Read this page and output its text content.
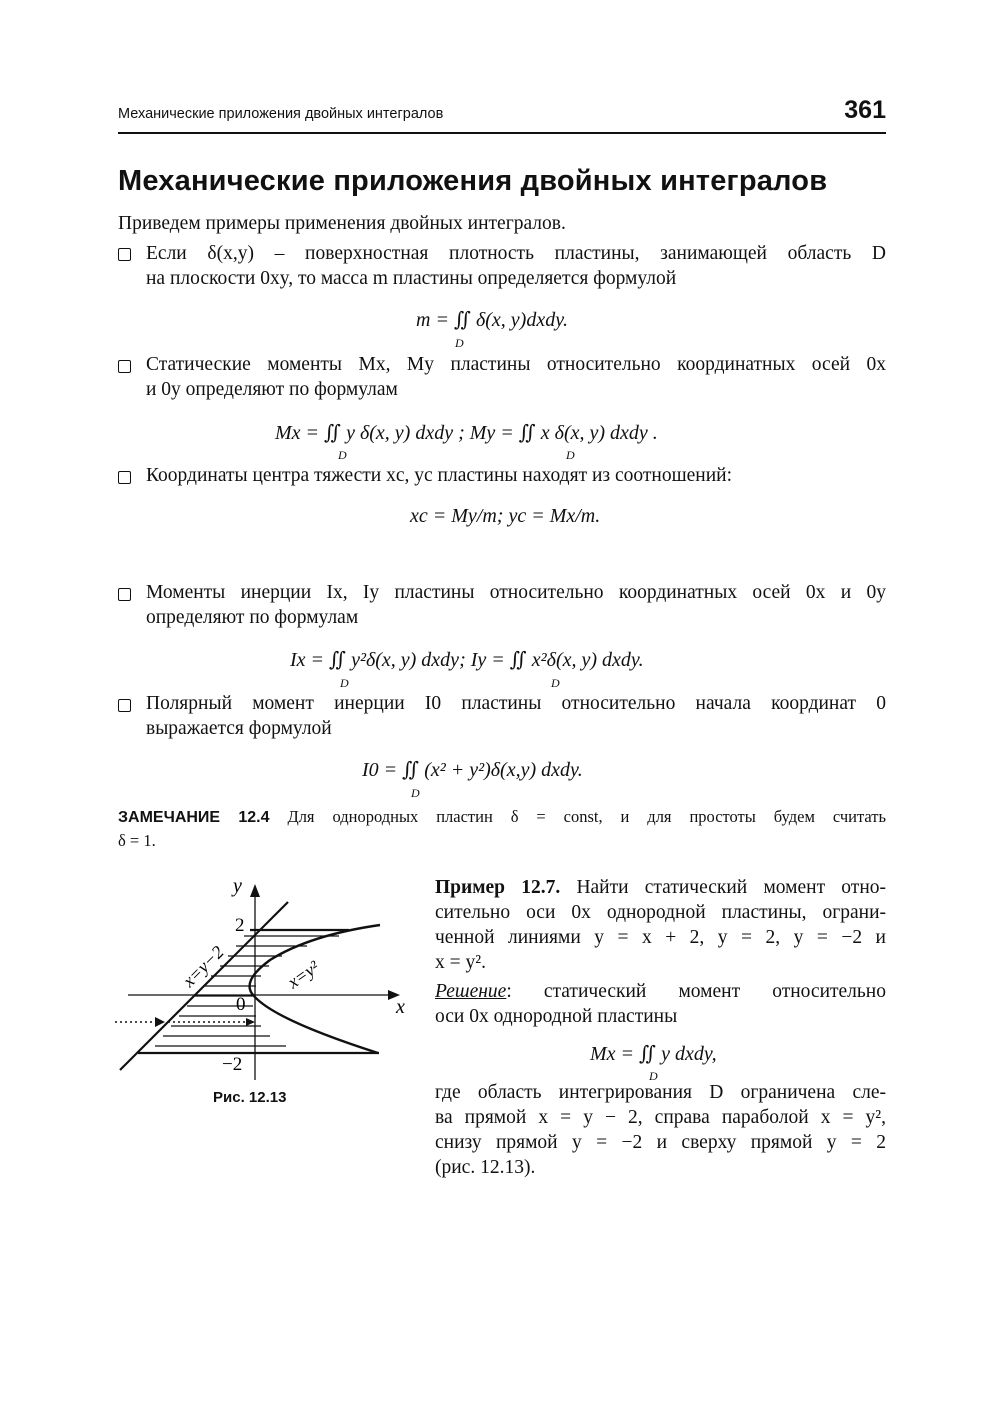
Механические приложения двойных интегралов	361
Механические приложения двойных интегралов
Приведем примеры применения двойных интегралов.
Если δ(x,y) – поверхностная плотность пластины, занимающей область D
на плоскости 0xy, то масса m пластины определяется формулой
m = ∬ δ(x, y)dxdy.
D
Статические моменты Mx, My пластины относительно координатных осей 0x
и 0y определяют по формулам
Mx = ∬ y δ(x, y) dxdy ; My = ∬ x δ(x, y) dxdy .
D	D
Координаты центра тяжести xc, yc пластины находят из соотношений:
xc = My/m; yc = Mx/m.
Моменты инерции Ix, Iy пластины относительно координатных осей 0x и 0y
определяют по формулам
Ix = ∬ y²δ(x, y) dxdy; Iy = ∬ x²δ(x, y) dxdy.
D	D
Полярный момент инерции I0 пластины относительно начала координат 0
выражается формулой
I0 = ∬ (x² + y²)δ(x,y) dxdy.
D
ЗАМЕЧАНИЕ 12.4 Для однородных пластин δ = const, и для простоты будем считать
δ = 1.
y
x
2
−2
0
x=y−2	x=y²
Рис. 12.13
Пример 12.7. Найти статический момент отно-
сительно оси 0x однородной пластины, ограни-
ченной линиями y = x + 2, y = 2, y = −2 и
x = y².
Решение: статический момент относительно
оси 0x однородной пластины
Mx = ∬ y dxdy,
D
где область интегрирования D ограничена сле-
ва прямой x = y − 2, справа параболой x = y²,
снизу прямой y = −2 и сверху прямой y = 2
(рис. 12.13).
